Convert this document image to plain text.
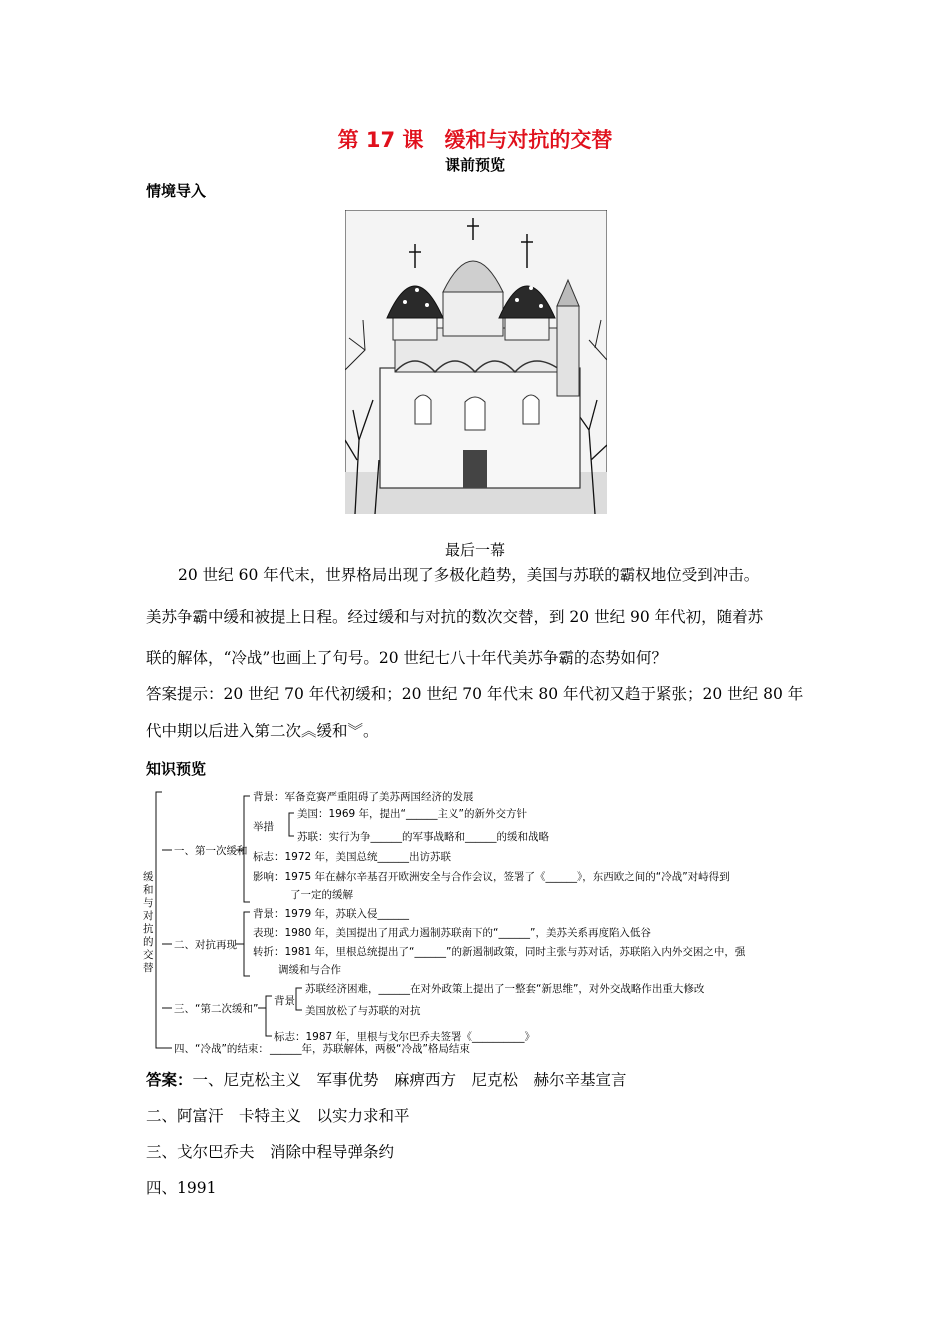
第 17 课　缓和与对抗的交替
课前预览
情境导入
最后一幕
20 世纪 60 年代末，世界格局出现了多极化趋势，美国与苏联的霸权地位受到冲击。
美苏争霸中缓和被提上日程。经过缓和与对抗的数次交替，到 20 世纪 90 年代初，随着苏
联的解体，“冷战”也画上了句号。20 世纪七八十年代美苏争霸的态势如何？
答案提示：20 世纪 70 年代初缓和；20 世纪 70 年代末 80 年代初又趋于紧张；20 世纪 80 年
代中期以后进入第二次︽缓和︾。
知识预览
缓
和
与
对
抗
的
交
替
一、第一次缓和
二、对抗再现
三、“第二次缓和”
四、“冷战”的结束：
背景：军备竞赛严重阻碍了美苏两国经济的发展
举措
美国：1969 年，提出“______主义”的新外交方针
苏联：实行为争______的军事战略和______的缓和战略
标志：1972 年，美国总统______出访苏联
影响：1975 年在赫尔辛基召开欧洲安全与合作会议，签署了《______》，东西欧之间的“冷战”对峙得到
了一定的缓解
背景：1979 年，苏联入侵______
表现：1980 年，美国提出了用武力遏制苏联南下的“______”，美苏关系再度陷入低谷
转折：1981 年，里根总统提出了“______”的新遏制政策，同时主张与苏对话，苏联陷入内外交困之中，强
调缓和与合作
背景
苏联经济困难，______在对外政策上提出了一整套“新思维”，对外交战略作出重大修改
美国放松了与苏联的对抗
标志：1987 年，里根与戈尔巴乔夫签署《__________》
______年，苏联解体，两极“冷战”格局结束
答案：一、尼克松主义　军事优势　麻痹西方　尼克松　赫尔辛基宣言
二、阿富汗　卡特主义　以实力求和平
三、戈尔巴乔夫　消除中程导弹条约
四、1991
